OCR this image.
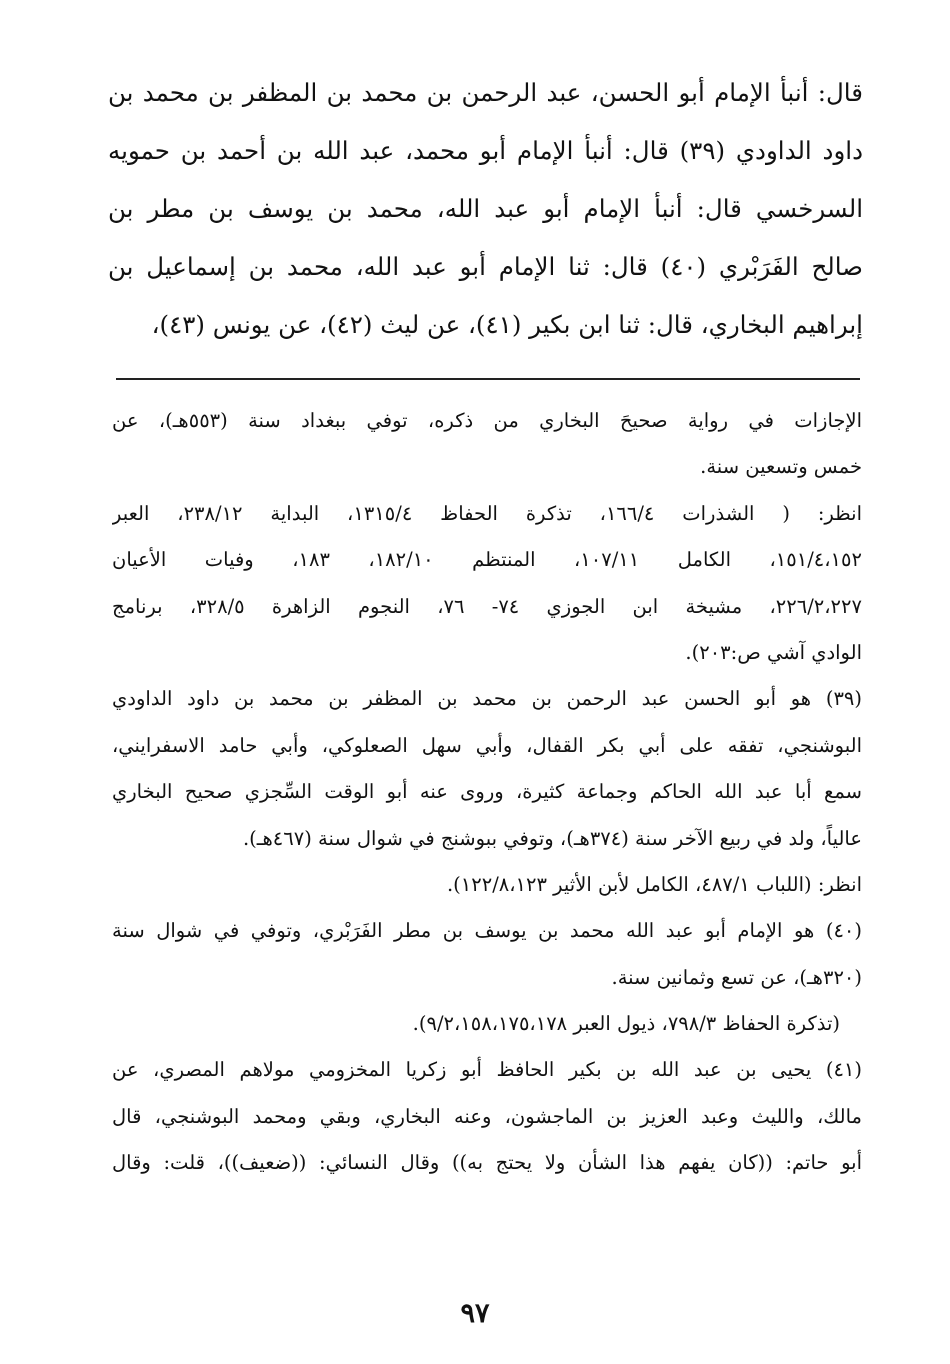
قال: أنبأ الإمام أبو الحسن، عبد الرحمن بن محمد بن المظفر بن محمد بن
داود الداودي (٣٩) قال: أنبأ الإمام أبو محمد، عبد الله بن أحمد بن حمويه
السرخسي قال: أنبأ الإمام أبو عبد الله، محمد بن يوسف بن مطر بن
صالح الفَرَبْري (٤٠) قال: ثنا الإمام أبو عبد الله، محمد بن إسماعيل بن
إبراهيم البخاري، قال: ثنا ابن بكير (٤١)، عن ليث (٤٢)، عن يونس (٤٣)،
الإجازات في رواية صحيحَ البخاري من ذكره، توفي ببغداد سنة (٥٥٣هـ)، عن
خمس وتسعين سنة.
انظر: ( الشذرات ١٦٦/٤، تذكرة الحفاظ ١٣١٥/٤، البداية ٢٣٨/١٢، العبر
١٥١/٤،١٥٢، الكامل ١٠٧/١١، المنتظم ١٨٢/١٠، ١٨٣، وفيات الأعيان
٢٢٦/٢،٢٢٧، مشيخة ابن الجوزي ٧٤- ٧٦، النجوم الزاهرة ٣٢٨/٥، برنامج
الوادي آشي ص:٢٠٣).
(٣٩) هو أبو الحسن عبد الرحمن بن محمد بن المظفر بن محمد بن داود الداودي
البوشنجي، تفقه على أبي بكر القفال، وأبي سهل الصعلوكي، وأبي حامد الاسفرايني،
سمع أبا عبد الله الحاكم وجماعة كثيرة، وروى عنه أبو الوقت السِّجزي صحيح البخاري
عالياً، ولد في ربيع الآخر سنة (٣٧٤هـ)، وتوفي ببوشنج في شوال سنة (٤٦٧هـ).
انظر: (اللباب ٤٨٧/١، الكامل لأبن الأثير ١٢٢/٨،١٢٣).
(٤٠) هو الإمام أبو عبد الله محمد بن يوسف بن مطر الفَرَبْري، وتوفي في شوال سنة
(٣٢٠هـ)، عن تسع وثمانين سنة.
(تذكرة الحفاظ ٧٩٨/٣، ذيول العبر ٩/٢،١٥٨،١٧٥،١٧٨).
(٤١) يحيى بن عبد الله بن بكير الحافظ أبو زكريا المخزومي مولاهم المصري، عن
مالك، والليث وعبد العزيز بن الماجشون، وعنه البخاري، وبقي ومحمد البوشنجي، قال
أبو حاتم: ((كان يفهم هذا الشأن ولا يحتج به)) وقال النسائي: ((ضعيف))، قلت: وقال
٩٧
